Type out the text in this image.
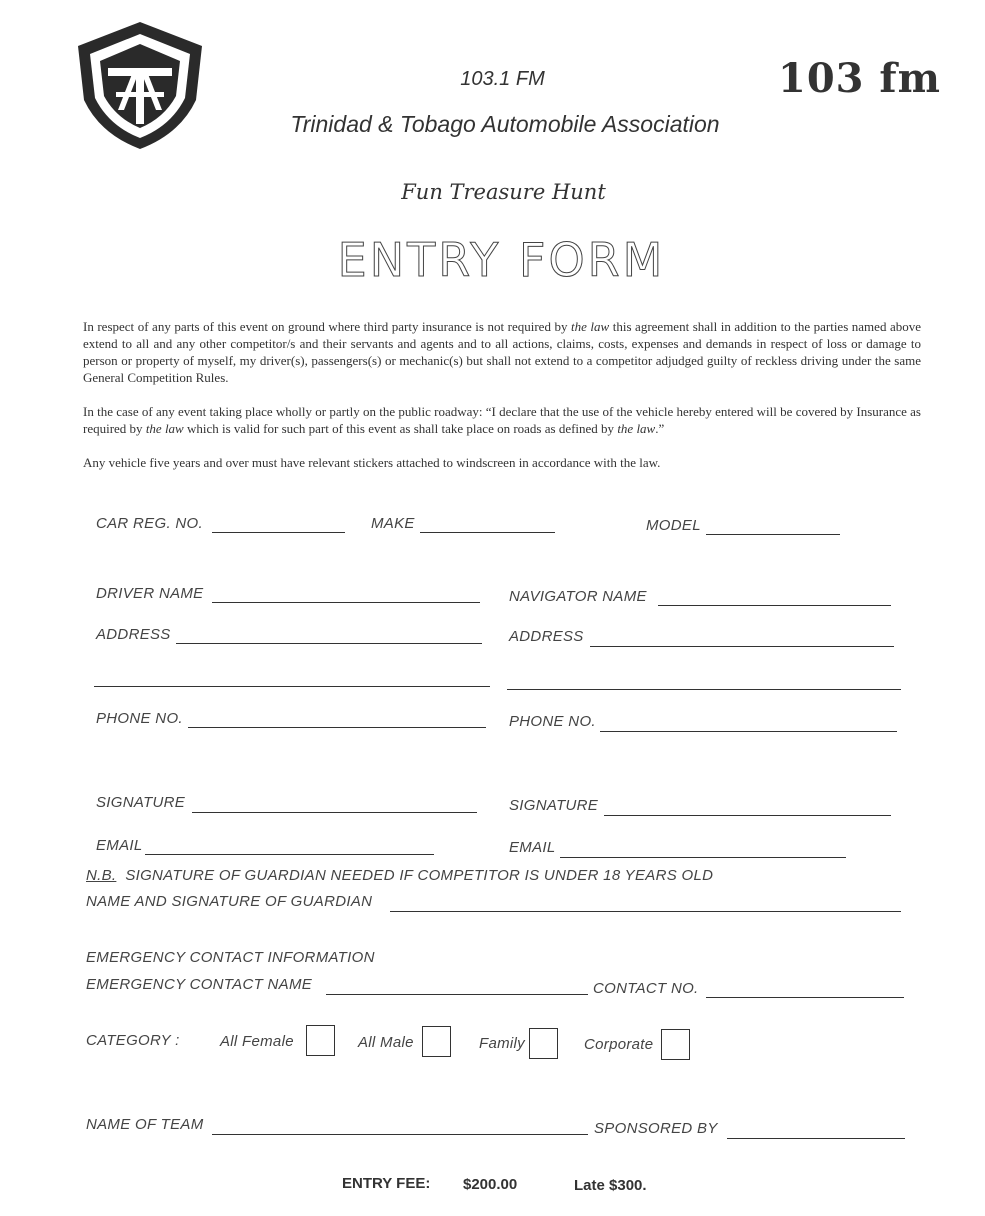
103 fm
103.1 FM
Trinidad & Tobago Automobile Association
Fun Treasure Hunt
ENTRY FORM
In respect of any parts of this event on ground where third party insurance is not required by the law this agreement shall in addition to the parties named above extend to all and any other competitor/s and their servants and agents and to all actions, claims, costs, expenses and demands in respect of loss or damage to person or property of myself, my driver(s), passengers(s) or mechanic(s) but shall not extend to a competitor adjudged guilty of reckless driving under the same General Competition Rules.
In the case of any event taking place wholly or partly on the public roadway: “I declare that the use of the vehicle hereby entered will be covered by Insurance as required by the law which is valid for such part of this event as shall take place on roads as defined by the law.”
Any vehicle five years and over must have relevant stickers attached to windscreen in accordance with the law.
CAR REG. NO.	MAKE	MODEL
DRIVER NAME	NAVIGATOR NAME
ADDRESS	ADDRESS
PHONE NO.	PHONE NO.
SIGNATURE	SIGNATURE
EMAIL	EMAIL
N.B. SIGNATURE OF GUARDIAN NEEDED IF COMPETITOR IS UNDER 18 YEARS OLD
NAME AND SIGNATURE OF GUARDIAN
EMERGENCY CONTACT INFORMATION
EMERGENCY CONTACT NAME	CONTACT NO.
CATEGORY :	All Female	All Male	Family	Corporate
NAME OF TEAM	SPONSORED BY
ENTRY FEE: $200.00	Late $300.
